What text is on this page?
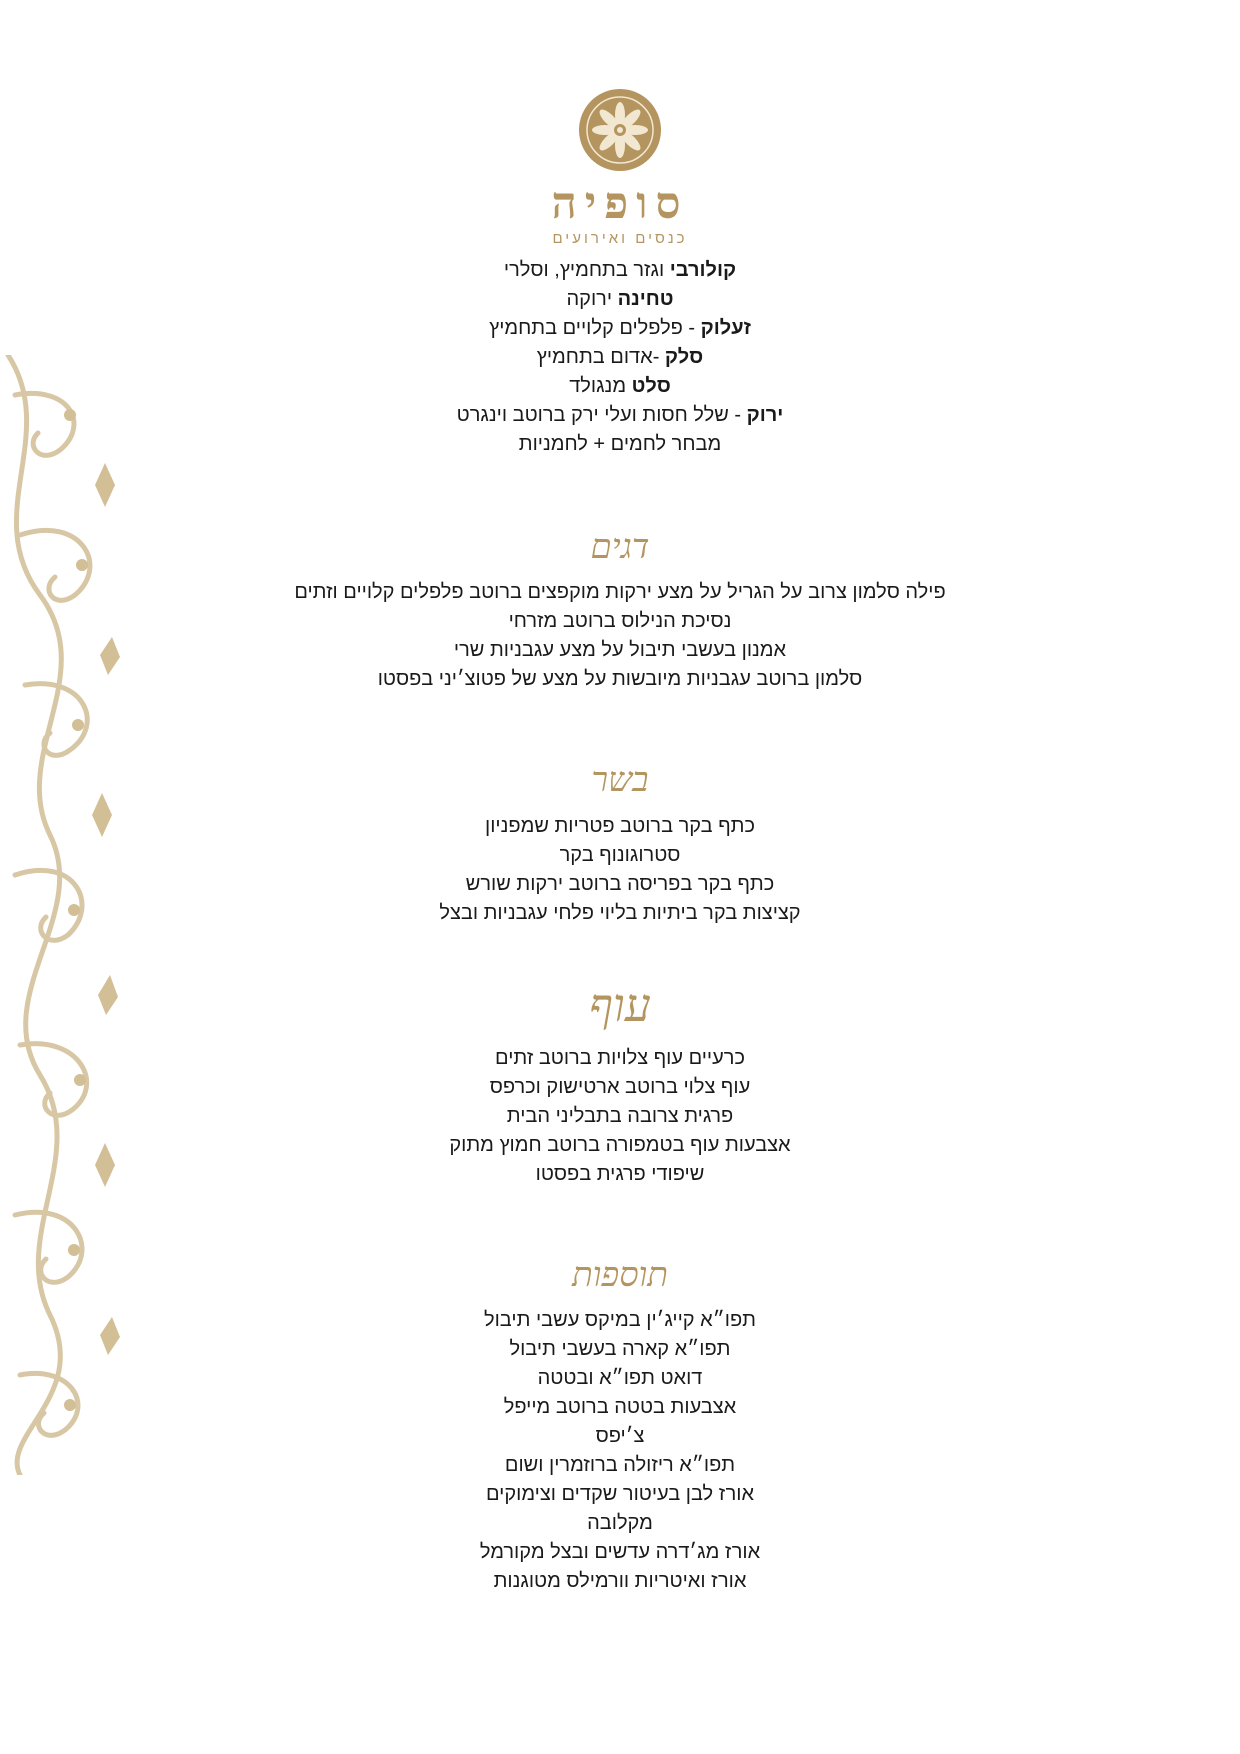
סופיה
כנסים ואירועים
קולורבי וגזר בתחמיץ, וסלרי
טחינה ירוקה
זעלוק - פלפלים קלויים בתחמיץ
סלק -אדום בתחמיץ
סלט מנגולד
ירוק - שלל חסות ועלי ירק ברוטב וינגרט
מבחר לחמים + לחמניות
דגים
פילה סלמון צרוב על הגריל על מצע ירקות מוקפצים ברוטב פלפלים קלויים וזתים
נסיכת הנילוס ברוטב מזרחי
אמנון בעשבי תיבול על מצע עגבניות שרי
סלמון ברוטב עגבניות מיובשות על מצע של פטוצ׳יני בפסטו
בשר
כתף בקר ברוטב פטריות שמפניון
סטרוגונוף בקר
כתף בקר בפריסה ברוטב ירקות שורש
קציצות בקר ביתיות בליוי פלחי עגבניות ובצל
עוף
כרעיים עוף צלויות ברוטב זתים
עוף צלוי ברוטב ארטישוק וכרפס
פרגית צרובה בתבליני הבית
אצבעות עוף בטמפורה ברוטב חמוץ מתוק
שיפודי פרגית בפסטו
תוספות
תפו״א קייג׳ין במיקס עשבי תיבול
תפו״א קארה בעשבי תיבול
דואט תפו״א ובטטה
אצבעות בטטה ברוטב מייפל
צ׳יפס
תפו״א ריזולה ברוזמרין ושום
אורז לבן בעיטור שקדים וצימוקים
מקלובה
אורז מג׳דרה עדשים ובצל מקורמל
אורז ואיטריות וורמילס מטוגנות
